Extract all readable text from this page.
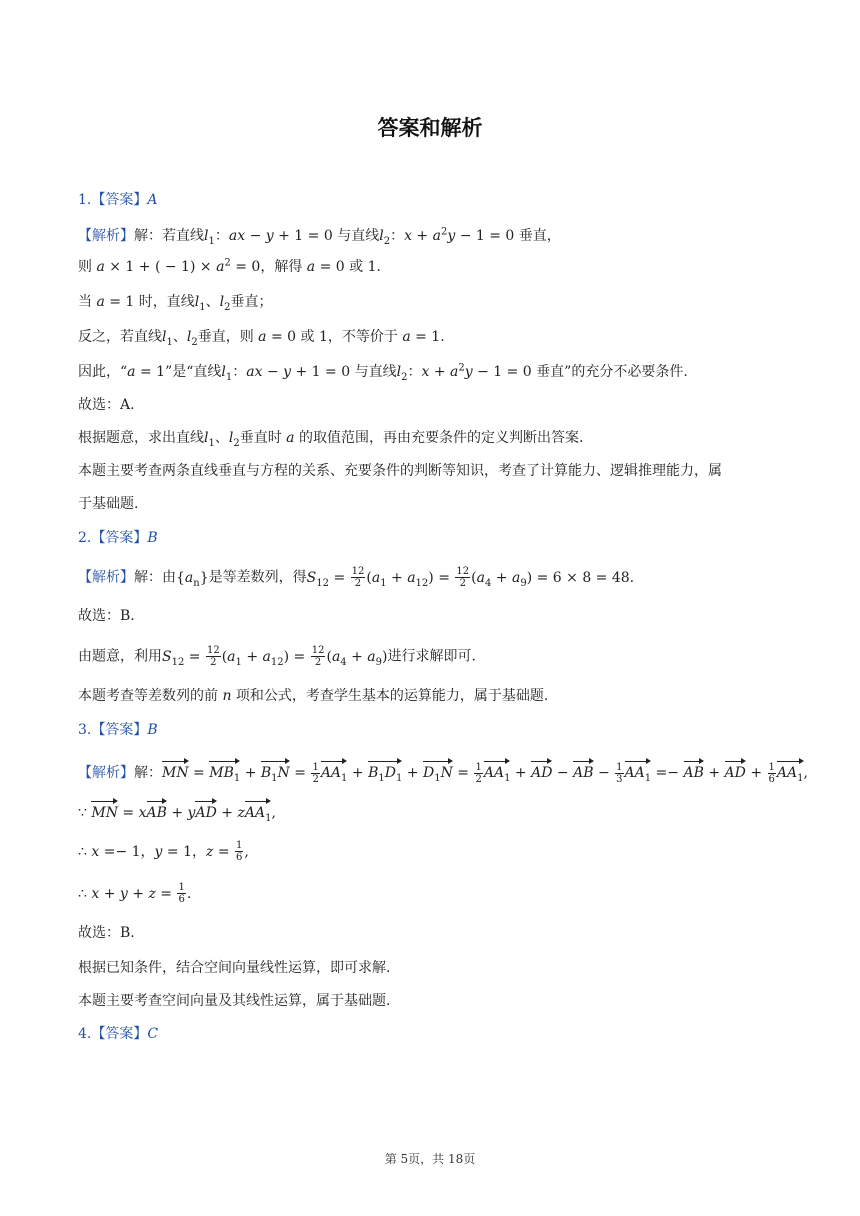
答案和解析
1.【答案】A
【解析】解：若直线$l_1$：ax − y + 1 = 0 与直线$l_2$：$x + a^2y - 1 = 0$ 垂直，
则 a × 1 + ( − $1) \times a^2 = 0$，解得 a = 0 或 1.
当 a = 1 时，直线$l_1$、$l_2$垂直；
反之，若直线$l_1$、$l_2$垂直，则 a = 0 或 1，不等价于 a = 1.
因此，“a = 1”是“直线$l_1$：ax − y + 1 = 0 与直线$l_2$：$x + a^2y - 1 = 0$ 垂直”的充分不必要条件.
故选：A.
根据题意，求出直线$l_1$、$l_2$垂直时 a 的取值范围，再由充要条件的定义判断出答案.
本题主要考查两条直线垂直与方程的关系、充要条件的判断等知识，考查了计算能力、逻辑推理能力，属
于基础题.
2.【答案】B
【解析】解：由$\{a_n\}$是等差数列，得$S_{12} = \frac{12}{2} (a_1 + a_{12}) = \frac{12}{2} (a_4 + a_9) = 6 \times 8 = 48$.
故选：B.
由题意，利用$S_{12} = \frac{12}{2} (a_1 + a_{12}) = \frac{12}{2} (a_4 + a_9)$进行求解即可.
本题考查等差数列的前 n 项和公式，考查学生基本的运算能力，属于基础题.
3.【答案】B
【解析】解：MN = $MB_1 + B_1N = \frac{1}{2} AA_1 + B_1D_1 + D_1N = \frac{1}{2} AA_1$ + AD − AB − $\frac{1}{3} AA_1$ =− AB + AD + $\frac{1}{6} AA_1$,
∵ MN = xAB + yAD + zAA$_1$,
∴ x =− 1，y = 1，$z = \frac{1}{6}$ ,
∴ $x + y + z = \frac{1}{6}$ .
故选：B.
根据已知条件，结合空间向量线性运算，即可求解.
本题主要考查空间向量及其线性运算，属于基础题.
4.【答案】C
第 5页，共 18页
